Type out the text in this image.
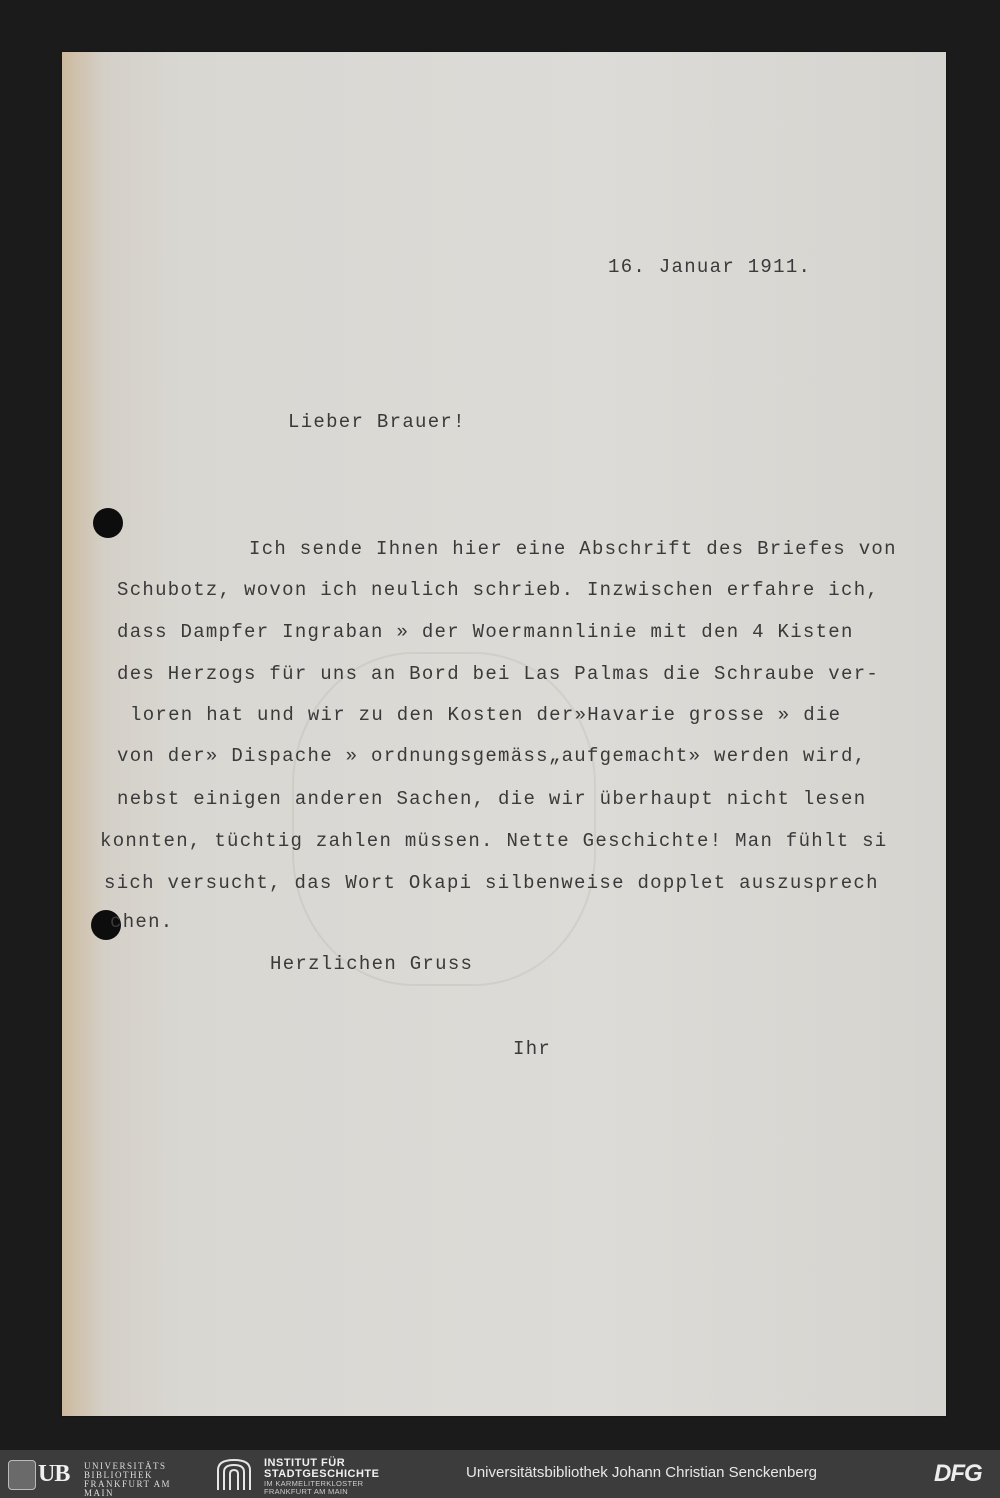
16. Januar 1911.
Lieber Brauer!
Ich sende Ihnen hier eine Abschrift des Briefes von
Schubotz, wovon ich neulich schrieb. Inzwischen erfahre ich,
dass Dampfer Ingraban » der Woermannlinie mit den 4 Kisten
des Herzogs für uns an Bord bei Las Palmas die Schraube ver-
loren hat und wir zu den Kosten der»Havarie grosse » die
von der» Dispache » ordnungsgemäss„aufgemacht» werden wird,
nebst einigen anderen Sachen, die wir überhaupt nicht lesen
konnten, tüchtig zahlen müssen. Nette Geschichte! Man fühlt si
sich versucht, das Wort Okapi silbenweise dopplet auszusprech
chen.
Herzlichen Gruss
Ihr
UB UNIVERSITÄTS
BIBLIOTHEK
FRANKFURT AM MAIN
INSTITUT FÜR
STADTGESCHICHTE
IM KARMELITERKLOSTER
FRANKFURT AM MAIN
Universitätsbibliothek Johann Christian Senckenberg	DFG
